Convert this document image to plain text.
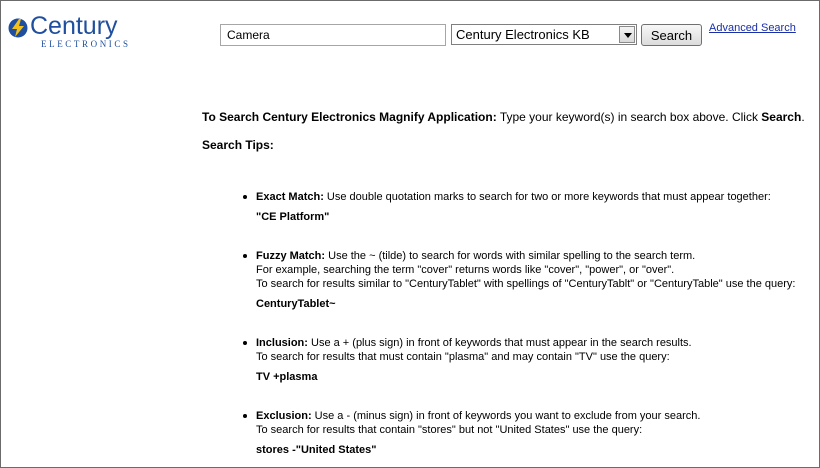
Century
ELECTRONICS
Camera
Century Electronics KB	Search	Advanced Search
To Search Century Electronics Magnify Application: Type your keyword(s) in search box above. Click Search.
Search Tips:
Exact Match: Use double quotation marks to search for two or more keywords that must appear together:
"CE Platform"
Fuzzy Match: Use the ~ (tilde) to search for words with similar spelling to the search term.
For example, searching the term "cover" returns words like "cover", "power", or "over".
To search for results similar to "CenturyTablet" with spellings of "CenturyTablt" or "CenturyTable" use the query:
CenturyTablet~
Inclusion: Use a + (plus sign) in front of keywords that must appear in the search results.
To search for results that must contain "plasma" and may contain "TV" use the query:
TV +plasma
Exclusion: Use a - (minus sign) in front of keywords you want to exclude from your search.
To search for results that contain "stores" but not "United States" use the query:
stores -"United States"
